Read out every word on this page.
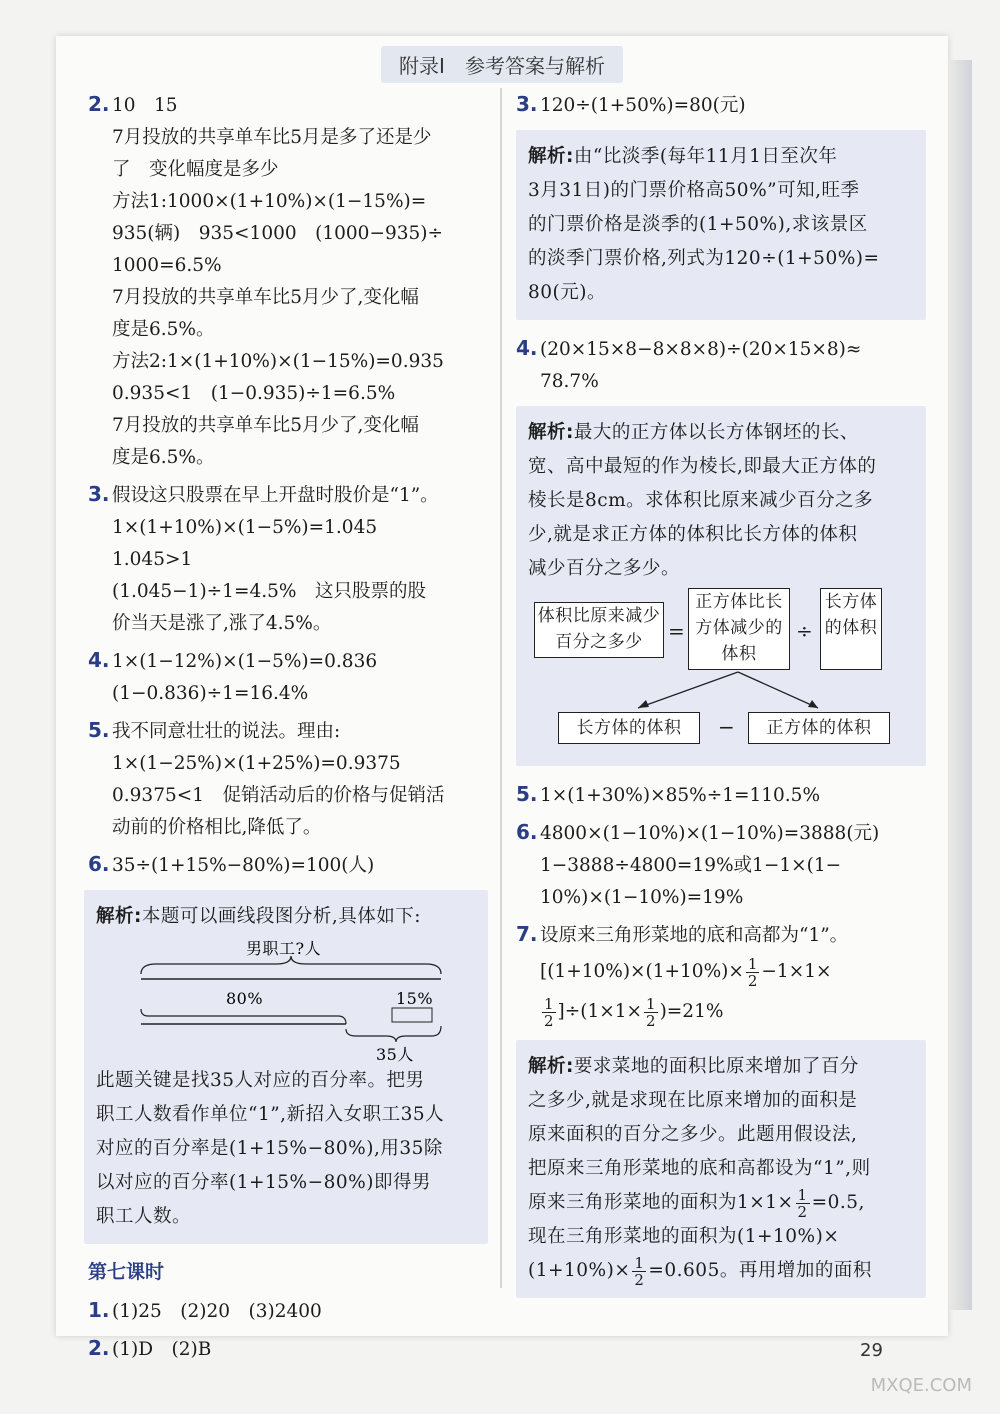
附录Ⅰ　参考答案与解析
2. 10　15
7月投放的共享单车比5月是多了还是少
了　变化幅度是多少
方法1:1000×(1+10%)×(1−15%)=
935(辆)　935<1000　(1000−935)÷
1000=6.5%
7月投放的共享单车比5月少了,变化幅
度是6.5%。
方法2:1×(1+10%)×(1−15%)=0.935
0.935<1　(1−0.935)÷1=6.5%
7月投放的共享单车比5月少了,变化幅
度是6.5%。
3. 假设这只股票在早上开盘时股价是“1”。
1×(1+10%)×(1−5%)=1.045
1.045>1
(1.045−1)÷1=4.5%　这只股票的股
价当天是涨了,涨了4.5%。
4. 1×(1−12%)×(1−5%)=0.836
(1−0.836)÷1=16.4%
5. 我不同意壮壮的说法。理由:
1×(1−25%)×(1+25%)=0.9375
0.9375<1　促销活动后的价格与促销活
动前的价格相比,降低了。
6. 35÷(1+15%−80%)=100(人)
解析:本题可以画线段图分析,具体如下:
男职工?人
80%	15%
35人
此题关键是找35人对应的百分率。把男
职工人数看作单位“1”,新招入女职工35人
对应的百分率是(1+15%−80%),用35除
以对应的百分率(1+15%−80%)即得男
职工人数。
第七课时
1. (1)25　(2)20　(3)2400
2. (1)D　(2)B
3. 120÷(1+50%)=80(元)
解析:由“比淡季(每年11月1日至次年
3月31日)的门票价格高50%”可知,旺季
的门票价格是淡季的(1+50%),求该景区
的淡季门票价格,列式为120÷(1+50%)=
80(元)。
4. (20×15×8−8×8×8)÷(20×15×8)≈
78.7%
解析:最大的正方体以长方体钢坯的长、
宽、高中最短的作为棱长,即最大正方体的
棱长是8cm。求体积比原来减少百分之多
少,就是求正方体的体积比长方体的体积
减少百分之多少。
体积比原来减少百分之多少	=
正方体比长方体减少的体积
÷
长方体的体积
长方体的体积	−	正方体的体积
5. 1×(1+30%)×85%÷1=110.5%
6. 4800×(1−10%)×(1−10%)=3888(元)
1−3888÷4800=19%或1−1×(1−
10%)×(1−10%)=19%
7. 设原来三角形菜地的底和高都为“1”。
[$(1+10\%)\times(1+10\%)\times \frac{1}{2} -1\times 1\times$
$\frac{1}{2} ]\div(1\times 1\times \frac{1}{2} )=21\%$
解析:要求菜地的面积比原来增加了百分
之多少,就是求现在比原来增加的面积是
原来面积的百分之多少。此题用假设法,
把原来三角形菜地的底和高都设为“1”,则
原来三角形菜地的面积为$1\times 1\times \frac{1}{2} =0.5$,
现在三角形菜地的面积为(1+10%)×
$(1+10\%)\times \frac{1}{2} =0.605$。再用增加的面积
29
MXQE.COM
